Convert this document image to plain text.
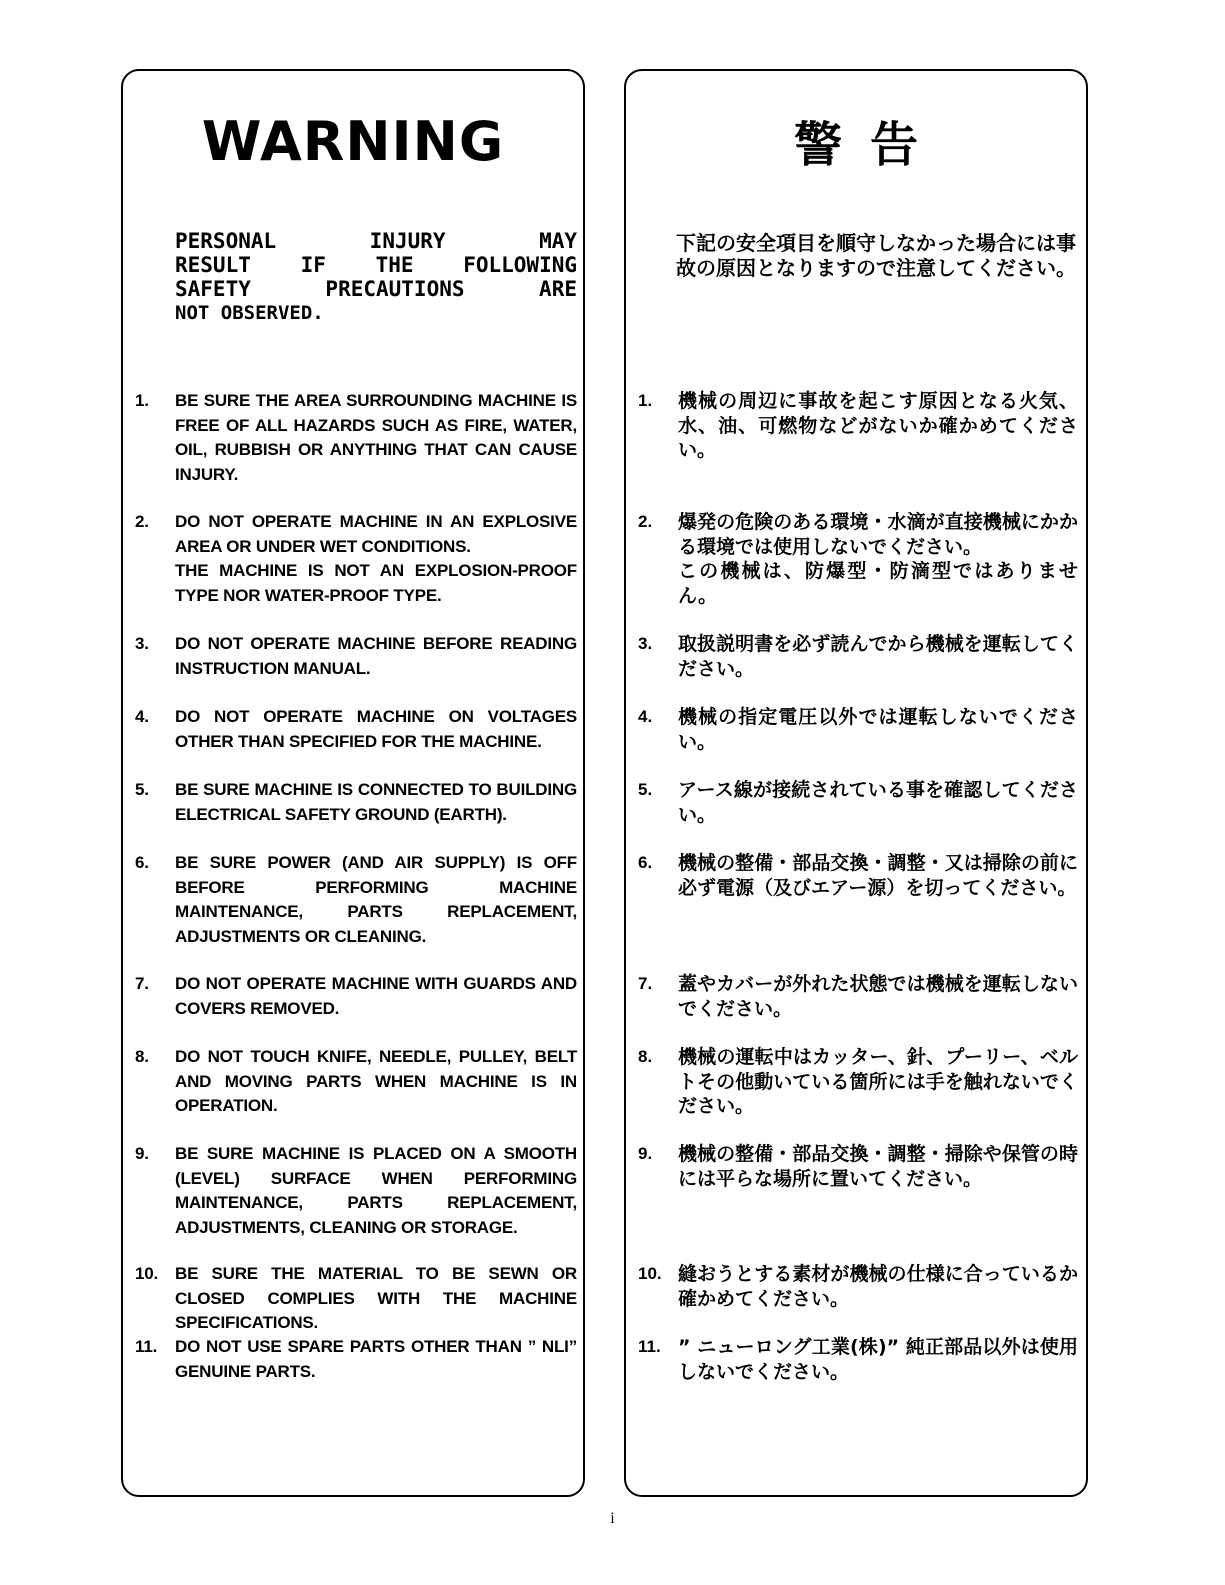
WARNING

PERSONAL INJURY MAY
RESULT IF THE FOLLOWING
SAFETY PRECAUTIONS ARE
NOT OBSERVED.

1.	BE SURE THE AREA SURROUNDING MACHINE IS FREE OF ALL HAZARDS SUCH AS FIRE, WATER, OIL, RUBBISH OR ANYTHING THAT CAN CAUSE INJURY.
2.	DO NOT OPERATE MACHINE IN AN EXPLOSIVE AREA OR UNDER WET CONDITIONS.
THE MACHINE IS NOT AN EXPLOSION-PROOF TYPE NOR WATER-PROOF TYPE.
3.	DO NOT OPERATE MACHINE BEFORE READING INSTRUCTION MANUAL.
4.	DO NOT OPERATE MACHINE ON VOLTAGES OTHER THAN SPECIFIED FOR THE MACHINE.
5.	BE SURE MACHINE IS CONNECTED TO BUILDING ELECTRICAL SAFETY GROUND (EARTH).
6.	BE SURE POWER (AND AIR SUPPLY) IS OFF BEFORE PERFORMING MACHINE MAINTENANCE, PARTS REPLACEMENT, ADJUSTMENTS OR CLEANING.
7.	DO NOT OPERATE MACHINE WITH GUARDS AND COVERS REMOVED.
8.	DO NOT TOUCH KNIFE, NEEDLE, PULLEY, BELT AND MOVING PARTS WHEN MACHINE IS IN OPERATION.
9.	BE SURE MACHINE IS PLACED ON A SMOOTH (LEVEL) SURFACE WHEN PERFORMING MAINTENANCE, PARTS REPLACEMENT, ADJUSTMENTS, CLEANING OR STORAGE.
10. BE SURE THE MATERIAL TO BE SEWN OR CLOSED COMPLIES WITH THE MACHINE SPECIFICATIONS.
11.	DO NOT USE SPARE PARTS OTHER THAN ” NLI” GENUINE PARTS.
警告

下記の安全項目を順守しなかった場合には事故の原因となりますので注意してください。

1.	機械の周辺に事故を起こす原因となる火気、水、油、可燃物などがないか確かめてください。
2.	爆発の危険のある環境・水滴が直接機械にかかる環境では使用しないでください。
この機械は、防爆型・防滴型ではありません。
3.	取扱説明書を必ず読んでから機械を運転してください。
4.	機械の指定電圧以外では運転しないでください。
5.	アース線が接続されている事を確認してください。
6.	機械の整備・部品交換・調整・又は掃除の前に必ず電源（及びエアー源）を切ってください。
7.	蓋やカバーが外れた状態では機械を運転しないでください。
8.	機械の運転中はカッター、針、プーリー、ベルトその他動いている箇所には手を触れないでください。
9.	機械の整備・部品交換・調整・掃除や保管の時には平らな場所に置いてください。
10. 縫おうとする素材が機械の仕様に合っているか確かめてください。
11. ” ニューロング工業(株)” 純正部品以外は使用しないでください。

i
